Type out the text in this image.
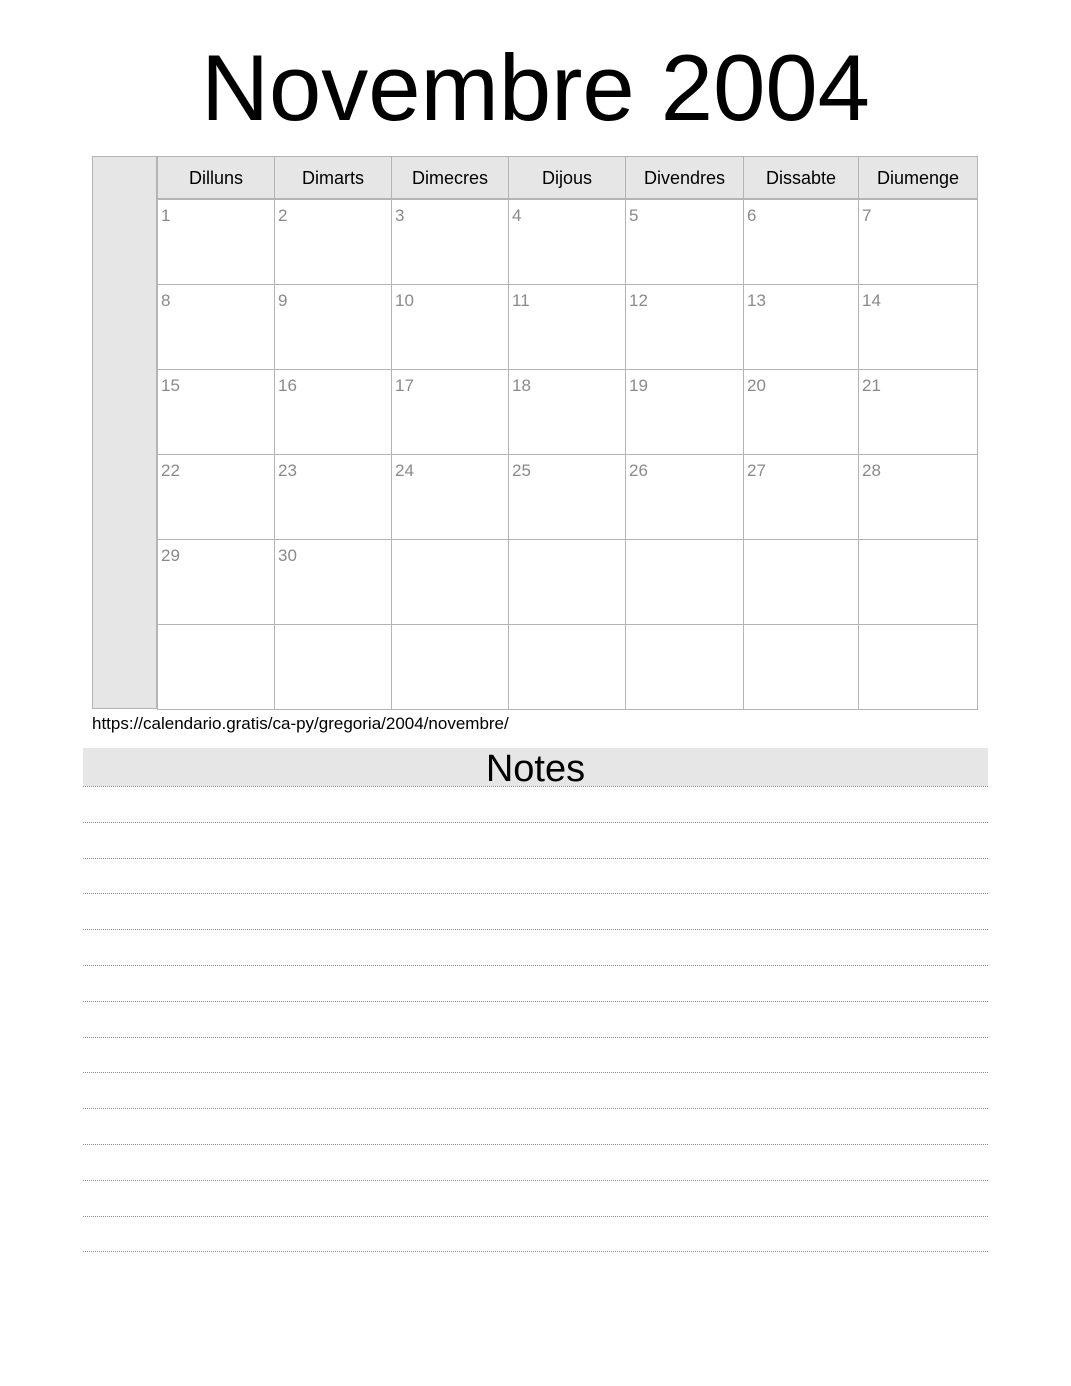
Novembre 2004
Dilluns	Dimarts	Dimecres	Dijous	Divendres	Dissabte	Diumenge
1	2	3	4	5	6	7
8	9	10	11	12	13	14
15	16	17	18	19	20	21
22	23	24	25	26	27	28
29	30
https://calendario.gratis/ca-py/gregoria/2004/novembre/
Notes
